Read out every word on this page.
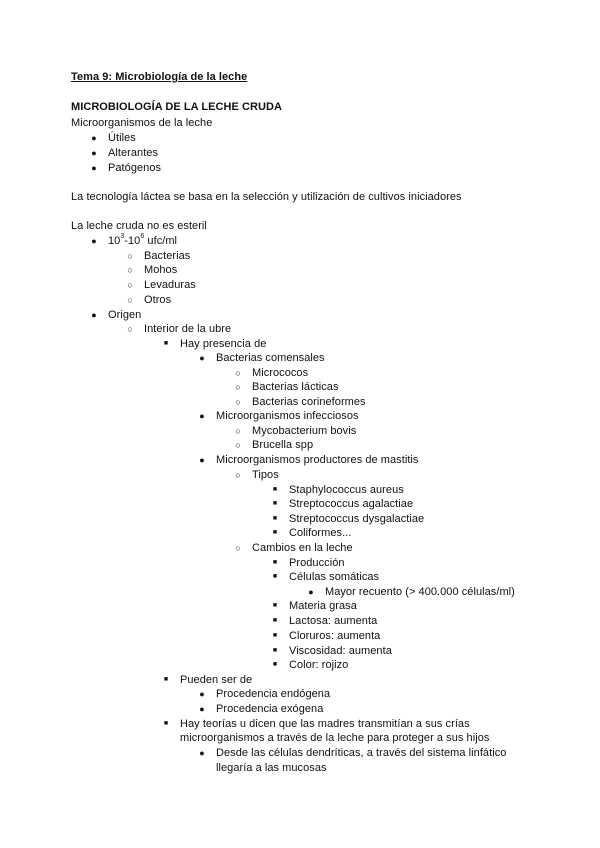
Tema 9: Microbiología de la leche
MICROBIOLOGÍA DE LA LECHE CRUDA
Microorganismos de la leche
●	Útiles
●	Alterantes
●	Patógenos
La tecnología láctea se basa en la selección y utilización de cultivos iniciadores
La leche cruda no es esteril
●	$10^3-10^6$ ufc/ml
○	Bacterias
○	Mohos
○	Levaduras
○	Otros
●	Origen
○	Interior de la ubre
■	Hay presencia de
●	Bacterias comensales
○	Micrococos
○	Bacterias lácticas
○	Bacterias corineformes
●	Microorganismos infecciosos
○	Mycobacterium bovis
○	Brucella spp
●	Microorganismos productores de mastitis
○	Tipos
■	Staphylococcus aureus
■	Streptococcus agalactiae
■	Streptococcus dysgalactiae
■	Coliformes...
○	Cambios en la leche
■	Producción
■	Células somáticas
●	Mayor recuento (> 400.000 células/ml)
■	Materia grasa
■	Lactosa: aumenta
■	Cloruros: aumenta
■	Viscosidad: aumenta
■	Color: rojizo
■	Pueden ser de
●	Procedencia endógena
●	Procedencia exógena
■	Hay teorías u dicen que las madres transmitían a sus crías
microorganismos a través de la leche para proteger a sus hijos
●	Desde las células dendríticas, a través del sistema linfático
llegaría a las mucosas
